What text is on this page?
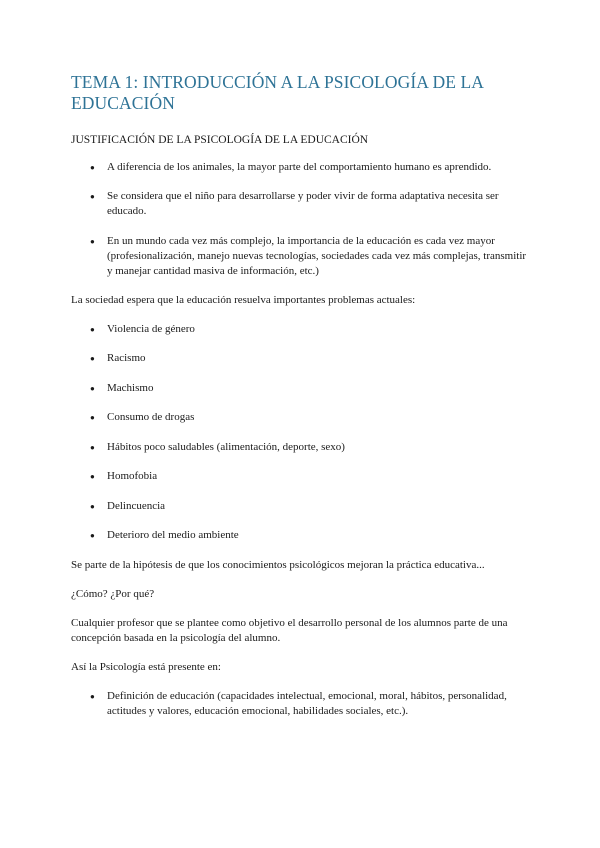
TEMA 1: INTRODUCCIÓN A LA PSICOLOGÍA DE LA EDUCACIÓN
JUSTIFICACIÓN DE LA PSICOLOGÍA DE LA EDUCACIÓN
●	A diferencia de los animales, la mayor parte del comportamiento humano es aprendido.
●	Se considera que el niño para desarrollarse y poder vivir de forma adaptativa necesita ser educado.
●	En un mundo cada vez más complejo, la importancia de la educación es cada vez mayor (profesionalización, manejo nuevas tecnologías, sociedades cada vez más complejas, transmitir y manejar cantidad masiva de información, etc.)

La sociedad espera que la educación resuelva importantes problemas actuales:

●	Violencia de género
●	Racismo
●	Machismo
●	Consumo de drogas
●	Hábitos poco saludables (alimentación, deporte, sexo)
●	Homofobia
●	Delincuencia
●	Deterioro del medio ambiente

Se parte de la hipótesis de que los conocimientos psicológicos mejoran la práctica educativa...

¿Cómo? ¿Por qué?

Cualquier profesor que se plantee como objetivo el desarrollo personal de los alumnos parte de una concepción basada en la psicología del alumno.

Así la Psicología está presente en:

●	Definición de educación (capacidades intelectual, emocional, moral, hábitos, personalidad, actitudes y valores, educación emocional, habilidades sociales, etc.).
